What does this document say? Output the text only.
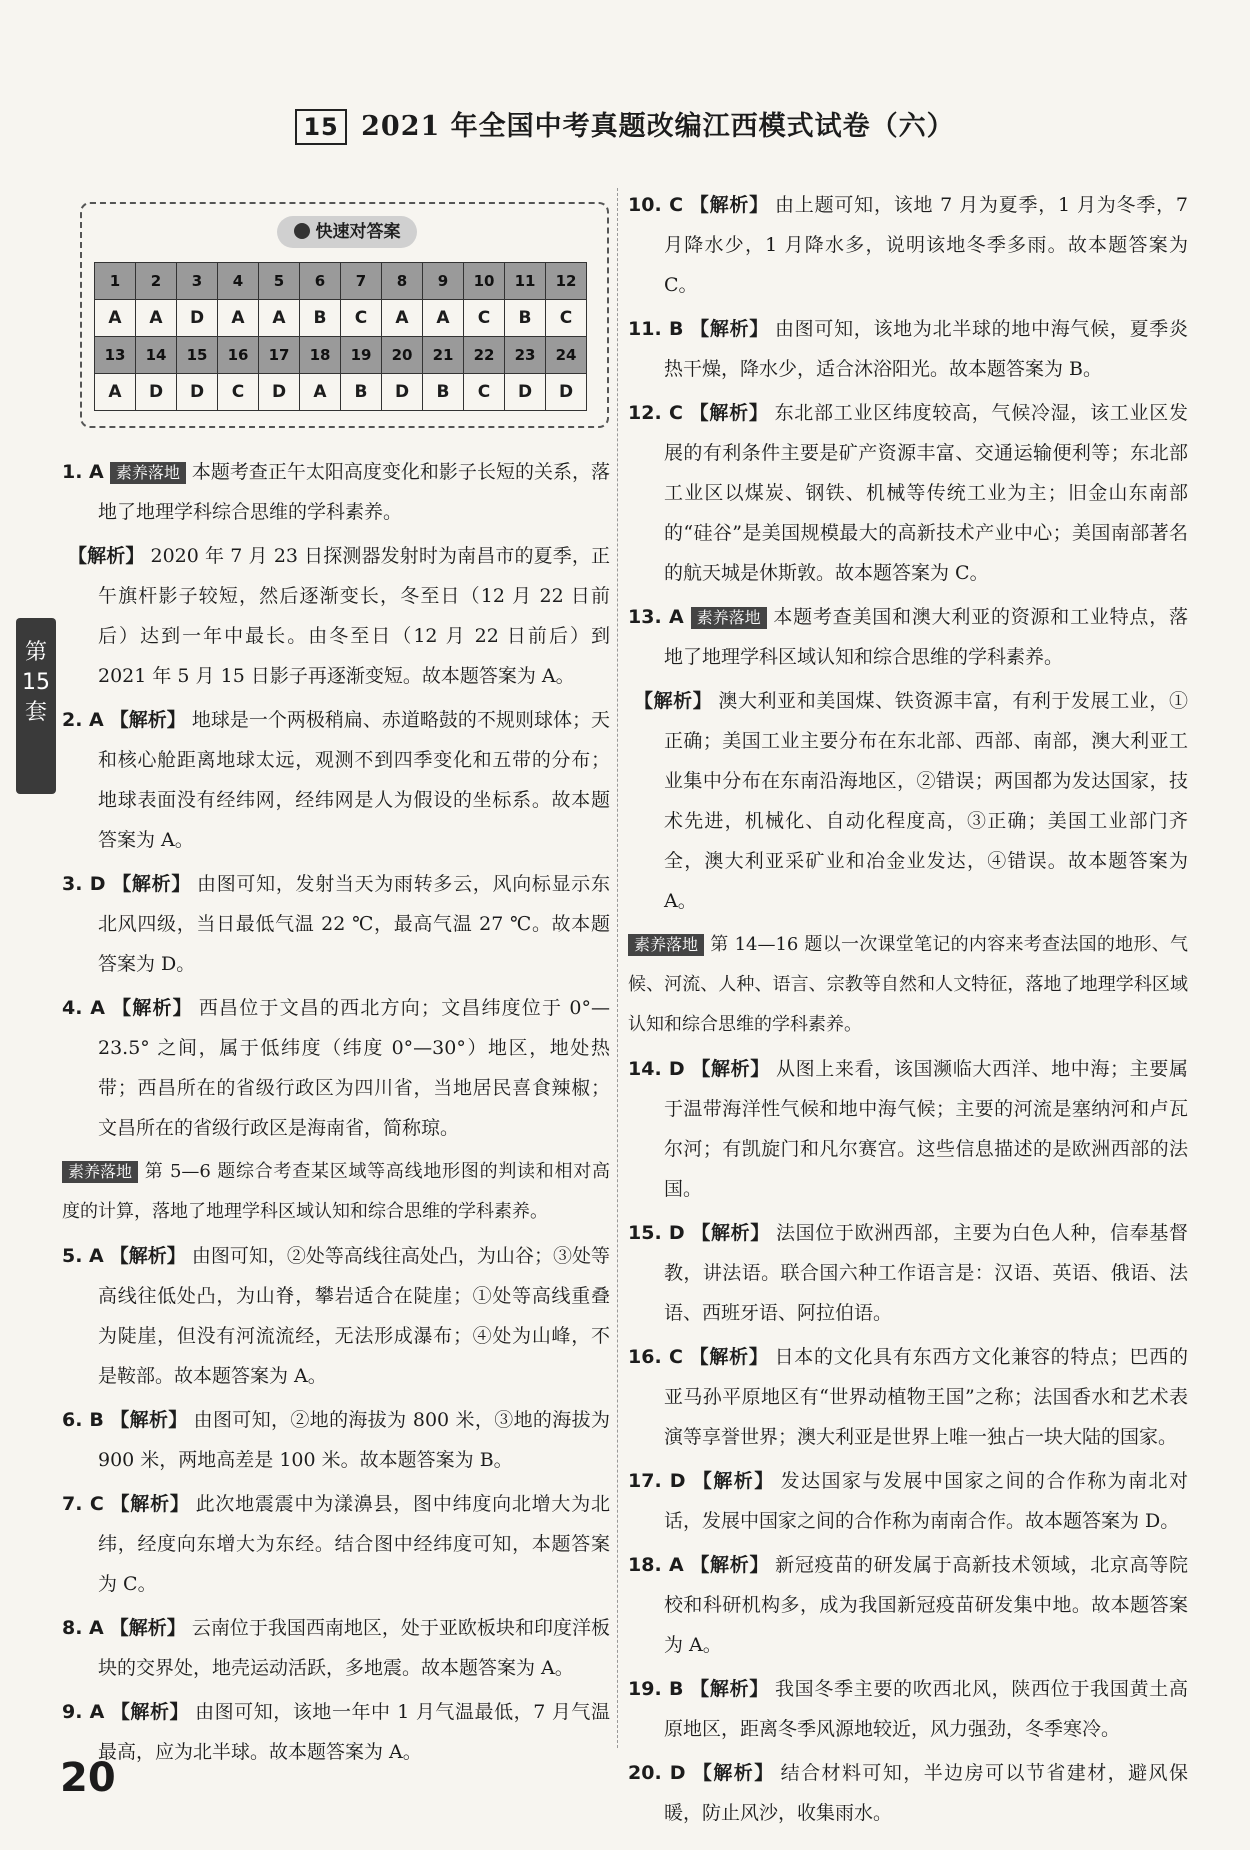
15 2021 年全国中考真题改编江西模式试卷（六）
快速对答案
1	2	3	4	5	6	7	8	9	10	11	12
A	A	D	A	A	B	C	A	A	C	B	C
13	14	15	16	17	18	19	20	21	22	23	24
A	D	D	C	D	A	B	D	B	C	D	D
第
15
套

1. A 素养落地 本题考查正午太阳高度变化和影子长短的关系，落地了地理学科综合思维的学科素养。

【解析】 2020 年 7 月 23 日探测器发射时为南昌市的夏季，正午旗杆影子较短，然后逐渐变长，冬至日（12 月 22 日前后）达到一年中最长。由冬至日（12 月 22 日前后）到 2021 年 5 月 15 日影子再逐渐变短。故本题答案为 A。

2. A 【解析】 地球是一个两极稍扁、赤道略鼓的不规则球体；天和核心舱距离地球太远，观测不到四季变化和五带的分布；地球表面没有经纬网，经纬网是人为假设的坐标系。故本题答案为 A。

3. D 【解析】 由图可知，发射当天为雨转多云，风向标显示东北风四级，当日最低气温 22 ℃，最高气温 27 ℃。故本题答案为 D。

4. A 【解析】 西昌位于文昌的西北方向；文昌纬度位于 0°—23.5° 之间，属于低纬度（纬度 0°—30°）地区，地处热带；西昌所在的省级行政区为四川省，当地居民喜食辣椒；文昌所在的省级行政区是海南省，简称琼。

素养落地 第 5—6 题综合考查某区域等高线地形图的判读和相对高度的计算，落地了地理学科区域认知和综合思维的学科素养。

5. A 【解析】 由图可知，②处等高线往高处凸，为山谷；③处等高线往低处凸，为山脊，攀岩适合在陡崖；①处等高线重叠为陡崖，但没有河流流经，无法形成瀑布；④处为山峰，不是鞍部。故本题答案为 A。

6. B 【解析】 由图可知，②地的海拔为 800 米，③地的海拔为 900 米，两地高差是 100 米。故本题答案为 B。

7. C 【解析】 此次地震震中为漾濞县，图中纬度向北增大为北纬，经度向东增大为东经。结合图中经纬度可知，本题答案为 C。

8. A 【解析】 云南位于我国西南地区，处于亚欧板块和印度洋板块的交界处，地壳运动活跃，多地震。故本题答案为 A。

9. A 【解析】 由图可知，该地一年中 1 月气温最低，7 月气温最高，应为北半球。故本题答案为 A。

10. C 【解析】 由上题可知，该地 7 月为夏季，1 月为冬季，7 月降水少，1 月降水多，说明该地冬季多雨。故本题答案为 C。

11. B 【解析】 由图可知，该地为北半球的地中海气候，夏季炎热干燥，降水少，适合沐浴阳光。故本题答案为 B。

12. C 【解析】 东北部工业区纬度较高，气候冷湿，该工业区发展的有利条件主要是矿产资源丰富、交通运输便利等；东北部工业区以煤炭、钢铁、机械等传统工业为主；旧金山东南部的“硅谷”是美国规模最大的高新技术产业中心；美国南部著名的航天城是休斯敦。故本题答案为 C。

13. A 素养落地 本题考查美国和澳大利亚的资源和工业特点，落地了地理学科区域认知和综合思维的学科素养。

【解析】 澳大利亚和美国煤、铁资源丰富，有利于发展工业，①正确；美国工业主要分布在东北部、西部、南部，澳大利亚工业集中分布在东南沿海地区，②错误；两国都为发达国家，技术先进，机械化、自动化程度高，③正确；美国工业部门齐全，澳大利亚采矿业和冶金业发达，④错误。故本题答案为 A。

素养落地 第 14—16 题以一次课堂笔记的内容来考查法国的地形、气候、河流、人种、语言、宗教等自然和人文特征，落地了地理学科区域认知和综合思维的学科素养。

14. D 【解析】 从图上来看，该国濒临大西洋、地中海；主要属于温带海洋性气候和地中海气候；主要的河流是塞纳河和卢瓦尔河；有凯旋门和凡尔赛宫。这些信息描述的是欧洲西部的法国。

15. D 【解析】 法国位于欧洲西部，主要为白色人种，信奉基督教，讲法语。联合国六种工作语言是：汉语、英语、俄语、法语、西班牙语、阿拉伯语。

16. C 【解析】 日本的文化具有东西方文化兼容的特点；巴西的亚马孙平原地区有“世界动植物王国”之称；法国香水和艺术表演等享誉世界；澳大利亚是世界上唯一独占一块大陆的国家。

17. D 【解析】 发达国家与发展中国家之间的合作称为南北对话，发展中国家之间的合作称为南南合作。故本题答案为 D。

18. A 【解析】 新冠疫苗的研发属于高新技术领域，北京高等院校和科研机构多，成为我国新冠疫苗研发集中地。故本题答案为 A。

19. B 【解析】 我国冬季主要的吹西北风，陕西位于我国黄土高原地区，距离冬季风源地较近，风力强劲，冬季寒冷。

20. D 【解析】 结合材料可知，半边房可以节省建材，避风保暖，防止风沙，收集雨水。

20
